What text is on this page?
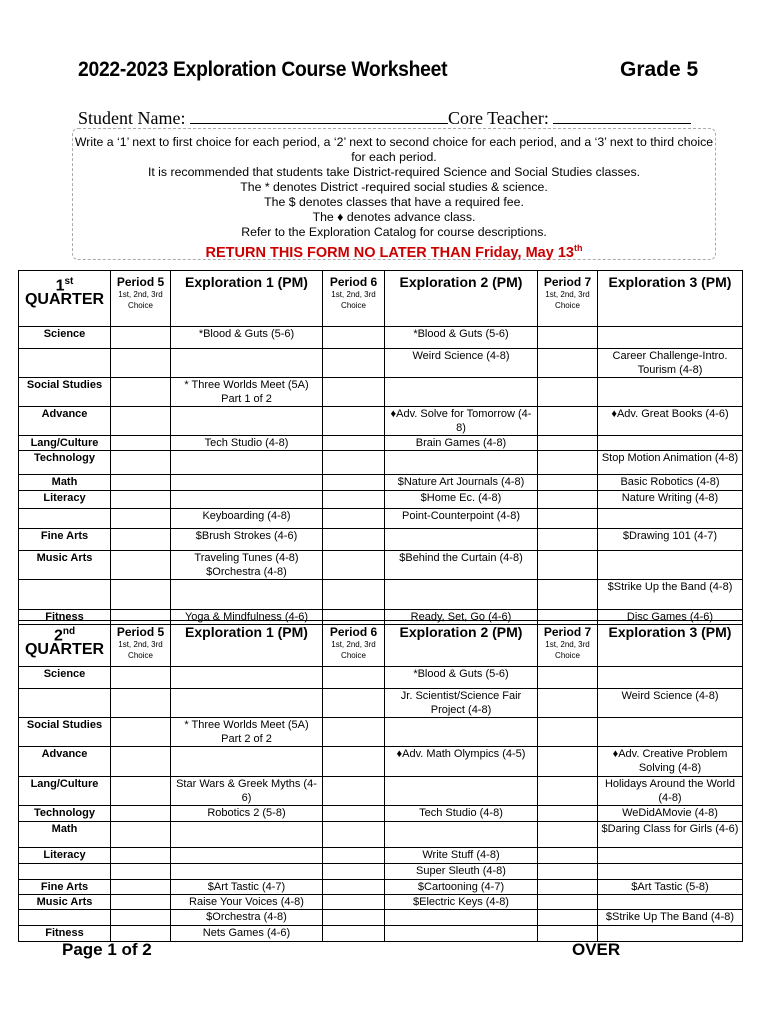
2022-2023 Exploration Course Worksheet	Grade 5
Student Name:	Core Teacher:

Write a ‘1’ next to first choice for each period, a ‘2’ next to second choice for each period, and a ‘3’ next to third choice for each period.

It is recommended that students take District-required Science and Social Studies classes.

The * denotes District -required social studies & science.

The $ denotes classes that have a required fee.

The ♦ denotes advance class.

Refer to the Exploration Catalog for course descriptions.

RETURN THIS FORM NO LATER THAN Friday, May 13th

1st
QUARTER	Period 5
1st, 2nd, 3rd
Choice	Exploration 1 (PM)	Period 6
1st, 2nd, 3rd
Choice	Exploration 2 (PM)	Period 7
1st, 2nd, 3rd
Choice	Exploration 3 (PM)
Science		*Blood & Guts (5-6)		*Blood & Guts (5-6)		
				Weird Science (4-8)		Career Challenge-Intro. Tourism (4-8)
Social Studies		* Three Worlds Meet (5A) Part 1 of 2				
Advance				♦Adv. Solve for Tomorrow (4-8)		♦Adv. Great Books (4-6)
Lang/Culture		Tech Studio (4-8)		Brain Games (4-8)		
Technology						Stop Motion Animation (4-8)
Math				$Nature Art Journals (4-8)		Basic Robotics (4-8)
Literacy				$Home Ec. (4-8)		Nature Writing (4-8)
		Keyboarding (4-8)		Point-Counterpoint (4-8)		
Fine Arts		$Brush Strokes (4-6)				$Drawing 101 (4-7)
Music Arts		Traveling Tunes (4-8) $Orchestra (4-8)		$Behind the Curtain (4-8)		
						$Strike Up the Band (4-8)
Fitness		Yoga & Mindfulness (4-6)		Ready, Set, Go (4-6)		Disc Games (4-6)
2nd
QUARTER	Period 5
1st, 2nd, 3rd
Choice	Exploration 1 (PM)	Period 6
1st, 2nd, 3rd
Choice	Exploration 2 (PM)	Period 7
1st, 2nd, 3rd
Choice	Exploration 3 (PM)
Science				*Blood & Guts (5-6)		
				Jr. Scientist/Science Fair Project (4-8)		Weird Science (4-8)
Social Studies		* Three Worlds Meet (5A) Part 2 of 2				
Advance				♦Adv. Math Olympics (4-5)		♦Adv. Creative Problem Solving (4-8)
Lang/Culture		Star Wars & Greek Myths (4-6)				Holidays Around the World (4-8)
Technology		Robotics 2 (5-8)		Tech Studio (4-8)		WeDidAMovie (4-8)
Math						$Daring Class for Girls (4-6)
Literacy				Write Stuff (4-8)		
				Super Sleuth (4-8)		
Fine Arts		$Art Tastic (4-7)		$Cartooning (4-7)		$Art Tastic (5-8)
Music Arts		Raise Your Voices (4-8)		$Electric Keys (4-8)		
		$Orchestra (4-8)				$Strike Up The Band (4-8)
Fitness		Nets Games (4-6)				
Page 1 of 2	OVER
